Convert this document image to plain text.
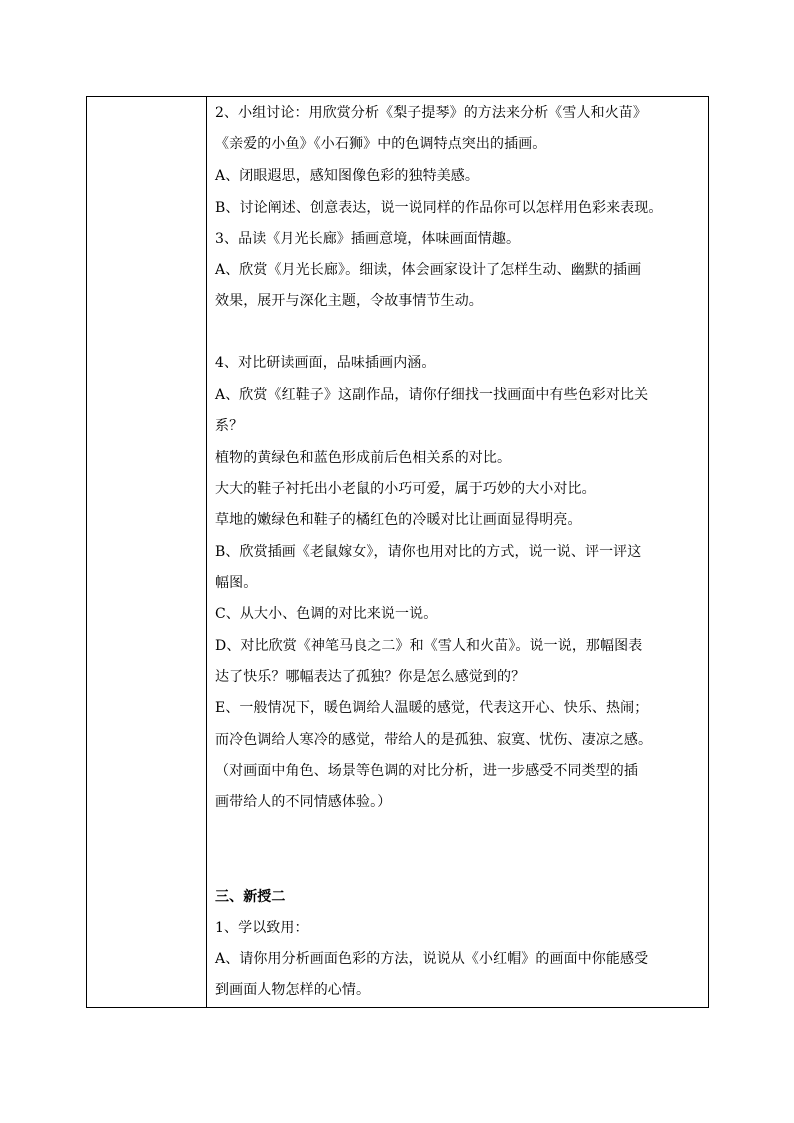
2、小组讨论：用欣赏分析《梨子提琴》的方法来分析《雪人和火苗》
《亲爱的小鱼》《小石狮》中的色调特点突出的插画。
A、闭眼遐思，感知图像色彩的独特美感。
B、讨论阐述、创意表达，说一说同样的作品你可以怎样用色彩来表现。
3、品读《月光长廊》插画意境，体味画面情趣。
A、欣赏《月光长廊》。细读，体会画家设计了怎样生动、幽默的插画
效果，展开与深化主题，令故事情节生动。
4、对比研读画面，品味插画内涵。
A、欣赏《红鞋子》这副作品，请你仔细找一找画面中有些色彩对比关
系？
植物的黄绿色和蓝色形成前后色相关系的对比。
大大的鞋子衬托出小老鼠的小巧可爱，属于巧妙的大小对比。
草地的嫩绿色和鞋子的橘红色的冷暖对比让画面显得明亮。
B、欣赏插画《老鼠嫁女》，请你也用对比的方式，说一说、评一评这
幅图。
C、从大小、色调的对比来说一说。
D、对比欣赏《神笔马良之二》和《雪人和火苗》。说一说，那幅图表
达了快乐？哪幅表达了孤独？你是怎么感觉到的？
E、一般情况下，暖色调给人温暖的感觉，代表这开心、快乐、热闹；
而冷色调给人寒冷的感觉，带给人的是孤独、寂寞、忧伤、凄凉之感。
（对画面中角色、场景等色调的对比分析，进一步感受不同类型的插
画带给人的不同情感体验。）
三、新授二
1、学以致用：
A、请你用分析画面色彩的方法，说说从《小红帽》的画面中你能感受
到画面人物怎样的心情。
